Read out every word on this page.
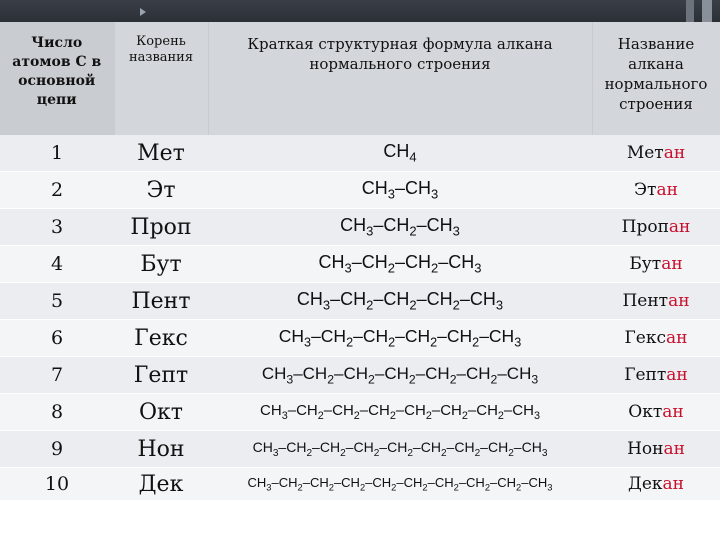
Число атомов С в основной цепи	Корень названия	Краткая структурная формула алкана нормального строения	Название алкана нормального строения
1	Мет	$CH_4$	Метан
2	Эт	$CH_3-CH_3$	Этан
3	Проп	$CH_3-CH_2-CH_3$	Пропан
4	Бут	$CH_3-CH_2-CH_2-CH_3$	Бутан
5	Пент	$CH_3-CH_2-CH_2-CH_2-CH_3$	Пентан
6	Гекс	$CH_3-CH_2-CH_2-CH_2-CH_2-CH_3$	Гексан
7	Гепт	$CH_3-CH_2-CH_2-CH_2-CH_2-CH_2-CH_3$	Гептан
8	Окт	$CH_3-CH_2-CH_2-CH_2-CH_2-CH_2-CH_2-CH_3$	Октан
9	Нон	$CH_3-CH_2-CH_2-CH_2-CH_2-CH_2-CH_2-CH_2-CH_3$	Нонан
10	Дек	$CH_3-CH_2-CH_2-CH_2-CH_2-CH_2-CH_2-CH_2-CH_2-CH_3$	Декан
